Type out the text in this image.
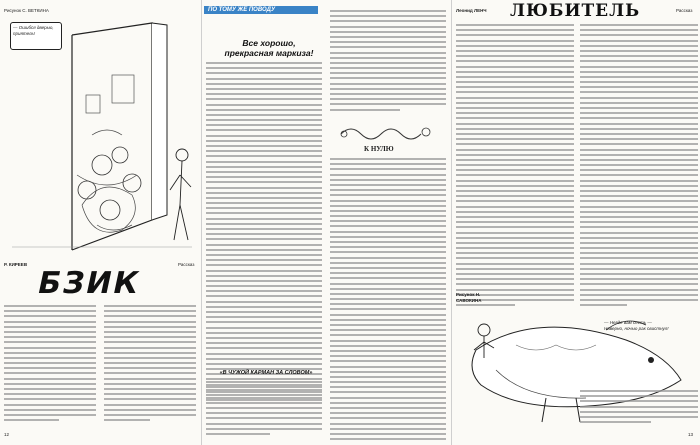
Рисунок С. ВЕТКИНА
— Ошибся дверью, приятель!
Р. КИРЕЕВ	Рассказ
БЗИК
12
ПО ТОМУ ЖЕ ПОВОДУ
Все хорошо, прекрасная маркиза!
К НУЛЮ
«В ЧУЖОЙ КАРМАН ЗА СЛОВОМ»
Леонид ЛЕНЧ ЛЮБИТЕЛЬ	Рассказ
Рисунок Н. САВОКИНА
— Негде вам сесть —
Наверно, ночью рак свистнул!
13
